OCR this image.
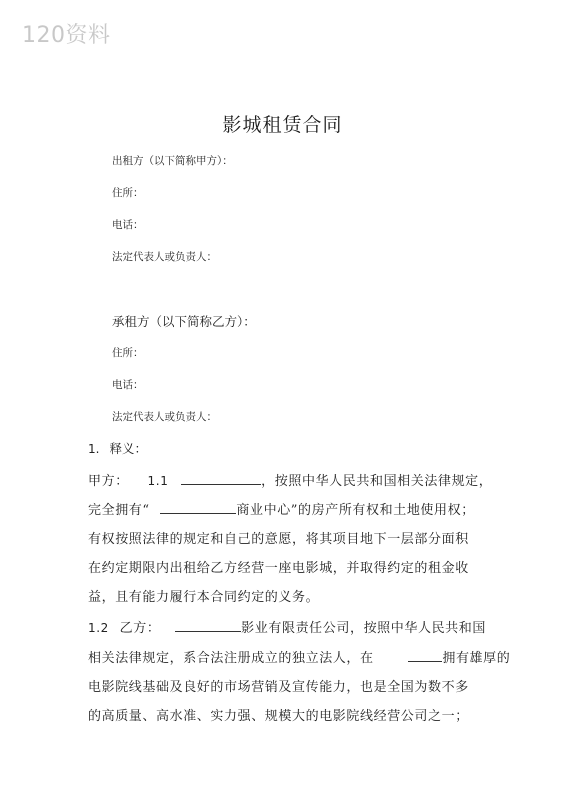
120资料
影城租赁合同
出租方（以下简称甲方）：
住所：
电话：
法定代表人或负责人：
承租方（以下简称乙方）：
住所：
电话：
法定代表人或负责人：
1. 释义：
甲方： 1.1	，按照中华人民共和国相关法律规定，
完全拥有“	商业中心”的房产所有权和土地使用权；
有权按照法律的规定和自己的意愿，将其项目地下一层部分面积
在约定期限内出租给乙方经营一座电影城，并取得约定的租金收
益，且有能力履行本合同约定的义务。
1.2 乙方：	影业有限责任公司，按照中华人民共和国
相关法律规定，系合法注册成立的独立法人，在	拥有雄厚的
电影院线基础及良好的市场营销及宣传能力，也是全国为数不多
的高质量、高水准、实力强、规模大的电影院线经营公司之一；
